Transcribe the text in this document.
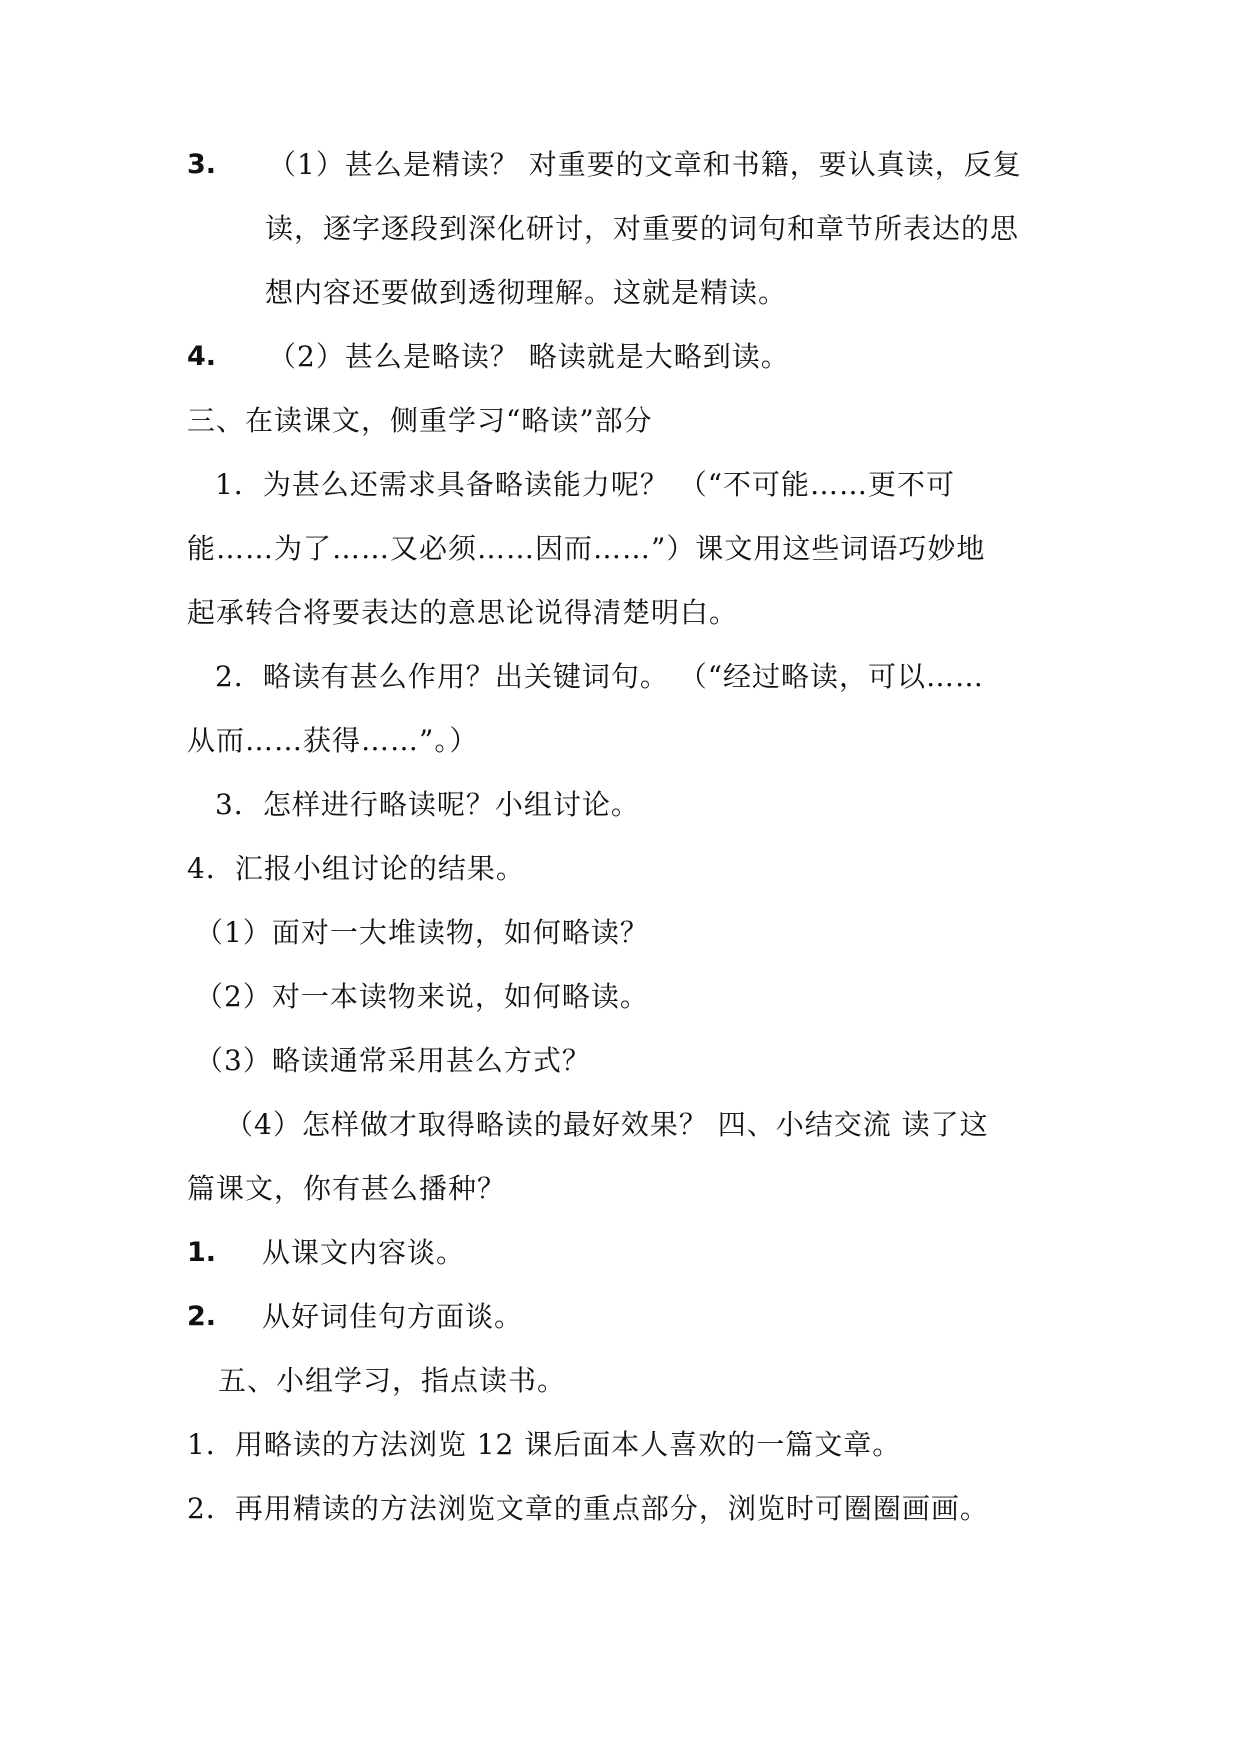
3. （1）甚么是精读？ 对重要的文章和书籍，要认真读，反复
读，逐字逐段到深化研讨，对重要的词句和章节所表达的思
想内容还要做到透彻理解。这就是精读。
4. （2）甚么是略读？ 略读就是大略到读。
三、在读课文，侧重学习“略读”部分
1．为甚么还需求具备略读能力呢？ （“不可能……更不可
能……为了……又必须……因而……”）课文用这些词语巧妙地
起承转合将要表达的意思论说得清楚明白。
2．略读有甚么作用？出关键词句。 （“经过略读，可以……
从而……获得……”。）
3．怎样进行略读呢？小组讨论。
4．汇报小组讨论的结果。
（1）面对一大堆读物，如何略读？
（2）对一本读物来说，如何略读。
（3）略读通常采用甚么方式？
（4）怎样做才取得略读的最好效果？ 四、小结交流 读了这
篇课文，你有甚么播种？
1. 从课文内容谈。
2. 从好词佳句方面谈。
五、小组学习，指点读书。
1．用略读的方法浏览 12 课后面本人喜欢的一篇文章。
2．再用精读的方法浏览文章的重点部分，浏览时可圈圈画画。
